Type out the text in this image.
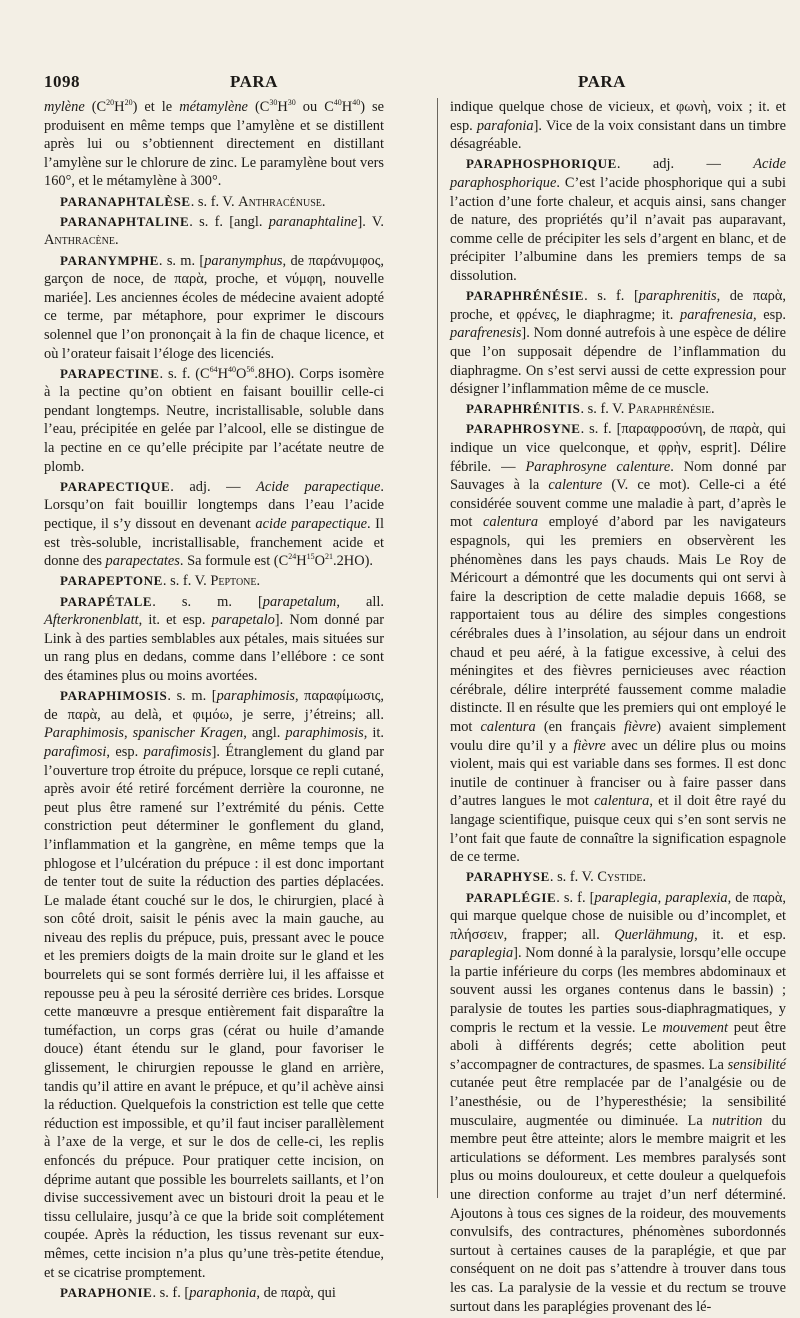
1098	PARA	PARA

mylène $(C^{20}H^{20})$ et le métamylène ($C^{30}H^{30}$ ou $C^{40}H^{40}$) se produisent en même temps que l’amylène et se distillent après lui ou s’obtiennent directement en distillant l’amylène sur le chlorure de zinc. Le paramylène bout vers 160°, et le métamylène à 300°.

PARANAPHTALÈSE. s. f. V. Anthracénuse.

PARANAPHTALINE. s. f. [angl. paranaphtaline]. V. Anthracène.

PARANYMPHE. s. m. [paranymphus, de παράνυμφος, garçon de noce, de παρὰ, proche, et νύμφη, nouvelle mariée]. Les anciennes écoles de médecine avaient adopté ce terme, par métaphore, pour exprimer le discours solennel que l’on prononçait à la fin de chaque licence, et où l’orateur faisait l’éloge des licenciés.

PARAPECTINE. s. f. $(C^{64}H^{40}O^{56}.8HO)$. Corps isomère à la pectine qu’on obtient en faisant bouillir celle-ci pendant longtemps. Neutre, incristallisable, soluble dans l’eau, précipitée en gelée par l’alcool, elle se distingue de la pectine en ce qu’elle précipite par l’acétate neutre de plomb.

PARAPECTIQUE. adj. — Acide parapectique. Lorsqu’on fait bouillir longtemps dans l’eau l’acide pectique, il s’y dissout en devenant acide parapectique. Il est très-soluble, incristallisable, franchement acide et donne des parapectates. Sa formule est $(C^{24}H^{15}O^{21}.2HO)$.

PARAPEPTONE. s. f. V. Peptone.

PARAPÉTALE. s. m. [parapetalum, all. Afterkronenblatt, it. et esp. parapetalo]. Nom donné par Link à des parties semblables aux pétales, mais situées sur un rang plus en dedans, comme dans l’ellébore : ce sont des étamines plus ou moins avortées.

PARAPHIMOSIS. s. m. [paraphimosis, παραφίμωσις, de παρὰ, au delà, et φιμόω, je serre, j’étreins; all. Paraphimosis, spanischer Kragen, angl. paraphimosis, it. parafimosi, esp. parafimosis]. Étranglement du gland par l’ouverture trop étroite du prépuce, lorsque ce repli cutané, après avoir été retiré forcément derrière la couronne, ne peut plus être ramené sur l’extrémité du pénis. Cette constriction peut déterminer le gonflement du gland, l’inflammation et la gangrène, en même temps que la phlogose et l’ulcération du prépuce : il est donc important de tenter tout de suite la réduction des parties déplacées. Le malade étant couché sur le dos, le chirurgien, placé à son côté droit, saisit le pénis avec la main gauche, au niveau des replis du prépuce, puis, pressant avec le pouce et les premiers doigts de la main droite sur le gland et les bourrelets qui se sont formés derrière lui, il les affaisse et repousse peu à peu la sérosité derrière ces brides. Lorsque cette manœuvre a presque entièrement fait disparaître la tuméfaction, un corps gras (cérat ou huile d’amande douce) étant étendu sur le gland, pour favoriser le glissement, le chirurgien repousse le gland en arrière, tandis qu’il attire en avant le prépuce, et qu’il achève ainsi la réduction. Quelquefois la constriction est telle que cette réduction est impossible, et qu’il faut inciser parallèlement à l’axe de la verge, et sur le dos de celle-ci, les replis enfoncés du prépuce. Pour pratiquer cette incision, on déprime autant que possible les bourrelets saillants, et l’on divise successivement avec un bistouri droit la peau et le tissu cellulaire, jusqu’à ce que la bride soit complétement coupée. Après la réduction, les tissus revenant sur eux-mêmes, cette incision n’a plus qu’une très-petite étendue, et se cicatrise promptement.

PARAPHONIE. s. f. [paraphonia, de παρὰ, qui

indique quelque chose de vicieux, et φωνὴ, voix ; it. et esp. parafonia]. Vice de la voix consistant dans un timbre désagréable.

PARAPHOSPHORIQUE. adj. — Acide paraphosphorique. C’est l’acide phosphorique qui a subi l’action d’une forte chaleur, et acquis ainsi, sans changer de nature, des propriétés qu’il n’avait pas auparavant, comme celle de précipiter les sels d’argent en blanc, et de précipiter l’albumine dans les premiers temps de sa dissolution.

PARAPHRÉNÉSIE. s. f. [paraphrenitis, de παρὰ, proche, et φρένες, le diaphragme; it. parafrenesia, esp. parafrenesis]. Nom donné autrefois à une espèce de délire que l’on supposait dépendre de l’inflammation du diaphragme. On s’est servi aussi de cette expression pour désigner l’inflammation même de ce muscle.

PARAPHRÉNITIS. s. f. V. Paraphrénésie.

PARAPHROSYNE. s. f. [παραφροσύνη, de παρὰ, qui indique un vice quelconque, et φρὴν, esprit]. Délire fébrile. — Paraphrosyne calenture. Nom donné par Sauvages à la calenture (V. ce mot). Celle-ci a été considérée souvent comme une maladie à part, d’après le mot calentura employé d’abord par les navigateurs espagnols, qui les premiers en observèrent les phénomènes dans les pays chauds. Mais Le Roy de Méricourt a démontré que les documents qui ont servi à faire la description de cette maladie depuis 1668, se rapportaient tous au délire des simples congestions cérébrales dues à l’insolation, au séjour dans un endroit chaud et peu aéré, à la fatigue excessive, à celui des méningites et des fièvres pernicieuses avec réaction cérébrale, délire interprété faussement comme maladie distincte. Il en résulte que les premiers qui ont employé le mot calentura (en français fièvre) avaient simplement voulu dire qu’il y a fièvre avec un délire plus ou moins violent, mais qui est variable dans ses formes. Il est donc inutile de continuer à franciser ou à faire passer dans d’autres langues le mot calentura, et il doit être rayé du langage scientifique, puisque ceux qui s’en sont servis ne l’ont fait que faute de connaître la signification espagnole de ce terme.

PARAPHYSE. s. f. V. Cystide.

PARAPLÉGIE. s. f. [paraplegia, paraplexia, de παρὰ, qui marque quelque chose de nuisible ou d’incomplet, et πλήσσειν, frapper; all. Querlähmung, it. et esp. paraplegia]. Nom donné à la paralysie, lorsqu’elle occupe la partie inférieure du corps (les membres abdominaux et souvent aussi les organes contenus dans le bassin) ; paralysie de toutes les parties sous-diaphragmatiques, y compris le rectum et la vessie. Le mouvement peut être aboli à différents degrés; cette abolition peut s’accompagner de contractures, de spasmes. La sensibilité cutanée peut être remplacée par de l’analgésie ou de l’anesthésie, ou de l’hyperesthésie; la sensibilité musculaire, augmentée ou diminuée. La nutrition du membre peut être atteinte; alors le membre maigrit et les articulations se déforment. Les membres paralysés sont plus ou moins douloureux, et cette douleur a quelquefois une direction conforme au trajet d’un nerf déterminé. Ajoutons à tous ces signes de la roideur, des mouvements convulsifs, des contractures, phénomènes subordonnés surtout à certaines causes de la paraplégie, et que par conséquent on ne doit pas s’attendre à trouver dans tous les cas. La paralysie de la vessie et du rectum se trouve surtout dans les paraplégies provenant des lé-
